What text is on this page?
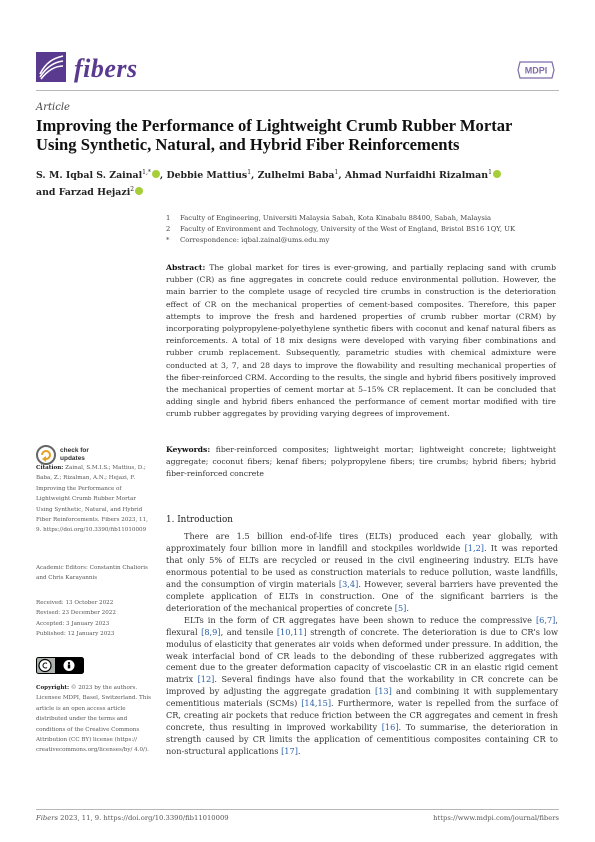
fibers	MDPI
Article
Improving the Performance of Lightweight Crumb Rubber Mortar Using Synthetic, Natural, and Hybrid Fiber Reinforcements
S. M. Iqbal S. Zainal$^{1,*}$ , Debbie Mattius$^1$, Zulhelmi Baba$^1$, Ahmad Nurfaidhi Rizalman$^1$
and Farzad Hejazi$^2$
1	Faculty of Engineering, Universiti Malaysia Sabah, Kota Kinabalu 88400, Sabah, Malaysia
2	Faculty of Environment and Technology, University of the West of England, Bristol BS16 1QY, UK
*	Correspondence: iqbal.zainal@ums.edu.my
Abstract: The global market for tires is ever-growing, and partially replacing sand with crumb rubber (CR) as fine aggregates in concrete could reduce environmental pollution. However, the main barrier to the complete usage of recycled tire crumbs in construction is the deterioration effect of CR on the mechanical properties of cement-based composites. Therefore, this paper attempts to improve the fresh and hardened properties of crumb rubber mortar (CRM) by incorporating polypropylene-polyethylene synthetic fibers with coconut and kenaf natural fibers as reinforcements. A total of 18 mix designs were developed with varying fiber combinations and rubber crumb replacement. Subsequently, parametric studies with chemical admixture were conducted at 3, 7, and 28 days to improve the flowability and resulting mechanical properties of the fiber-reinforced CRM. According to the results, the single and hybrid fibers positively improved the mechanical properties of cement mortar at 5–15% CR replacement. It can be concluded that adding single and hybrid fibers enhanced the performance of cement mortar modified with tire crumb rubber aggregates by providing varying degrees of improvement.
Keywords: fiber-reinforced composites; lightweight mortar; lightweight concrete; lightweight aggregate; coconut fibers; kenaf fibers; polypropylene fibers; tire crumbs; hybrid fibers; hybrid fiber-reinforced concrete
check for
updates
Citation: Zainal, S.M.I.S.; Mattius, D.; Baba, Z.; Rizalman, A.N.; Hejazi, F. Improving the Performance of Lightweight Crumb Rubber Mortar Using Synthetic, Natural, and Hybrid Fiber Reinforcements. Fibers 2023, 11, 9. https://doi.org/10.3390/fib11010009
Academic Editors: Constantin Chalioris and Chris Karayannis
Received: 13 October 2022
Revised: 23 December 2022
Accepted: 3 January 2023
Published: 12 January 2023
Copyright: © 2023 by the authors. Licensee MDPI, Basel, Switzerland. This article is an open access article distributed under the terms and conditions of the Creative Commons Attribution (CC BY) license (https:// creativecommons.org/licenses/by/ 4.0/).
1. Introduction

There are 1.5 billion end-of-life tires (ELTs) produced each year globally, with approximately four billion more in landfill and stockpiles worldwide [1,2]. It was reported that only 5% of ELTs are recycled or reused in the civil engineering industry. ELTs have enormous potential to be used as construction materials to reduce pollution, waste landfills, and the consumption of virgin materials [3,4]. However, several barriers have prevented the complete application of ELTs in construction. One of the significant barriers is the deterioration of the mechanical properties of concrete [5].

ELTs in the form of CR aggregates have been shown to reduce the compressive [6,7], flexural [8,9], and tensile [10,11] strength of concrete. The deterioration is due to CR’s low modulus of elasticity that generates air voids when deformed under pressure. In addition, the weak interfacial bond of CR leads to the debonding of these rubberized aggregates with cement due to the greater deformation capacity of viscoelastic CR in an elastic rigid cement matrix [12]. Several findings have also found that the workability in CR concrete can be improved by adjusting the aggregate gradation [13] and combining it with supplementary cementitious materials (SCMs) [14,15]. Furthermore, water is repelled from the surface of CR, creating air pockets that reduce friction between the CR aggregates and cement in fresh concrete, thus resulting in improved workability [16]. To summarise, the deterioration in strength caused by CR limits the application of cementitious composites containing CR to non-structural applications [17].

Fibers 2023, 11, 9. https://doi.org/10.3390/fib11010009	https://www.mdpi.com/journal/fibers
